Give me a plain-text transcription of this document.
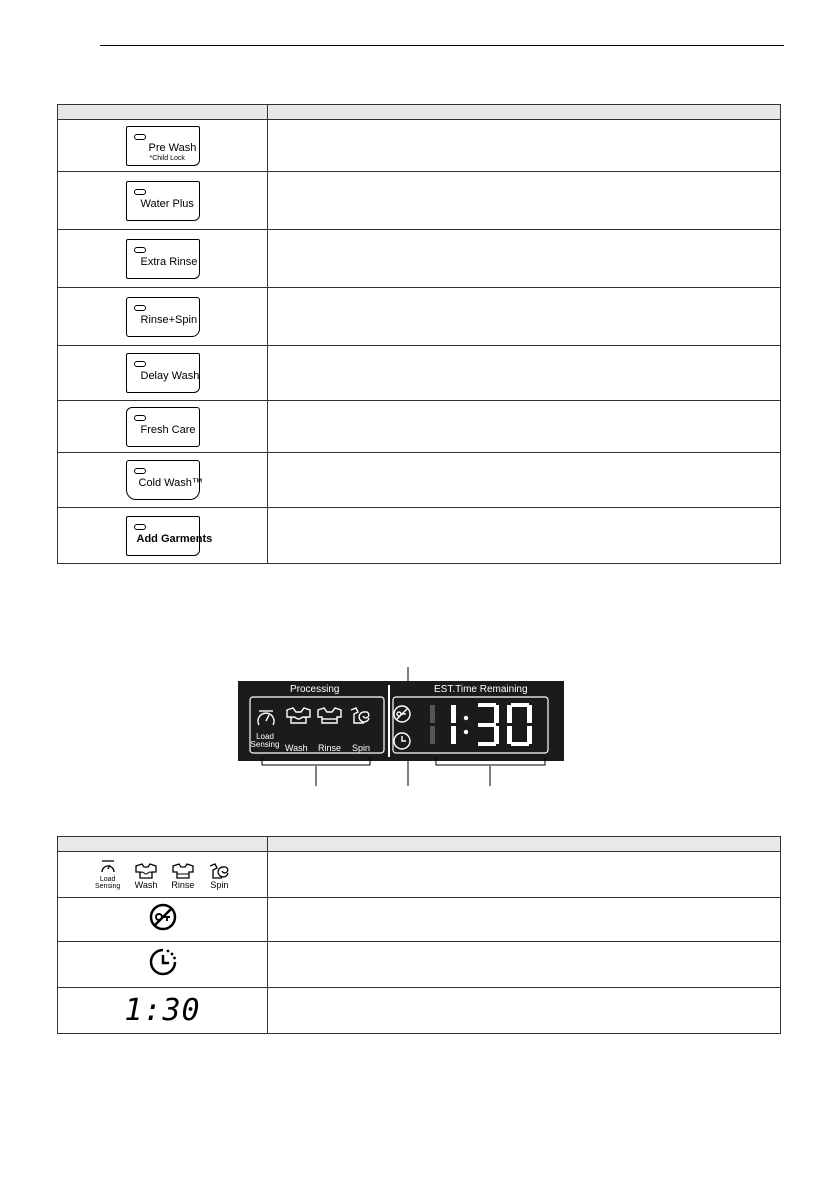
Pre Wash
*Child Lock	

Water Plus	

Extra Rinse	

Rinse+Spin	

Delay Wash	

Fresh Care	

Cold Wash™	

Add Garments	

Processing	EST.Time Remaining
Load Sensing Wash Rinse Spin

Load Sensing Wash Rinse Spin	

1:30	
